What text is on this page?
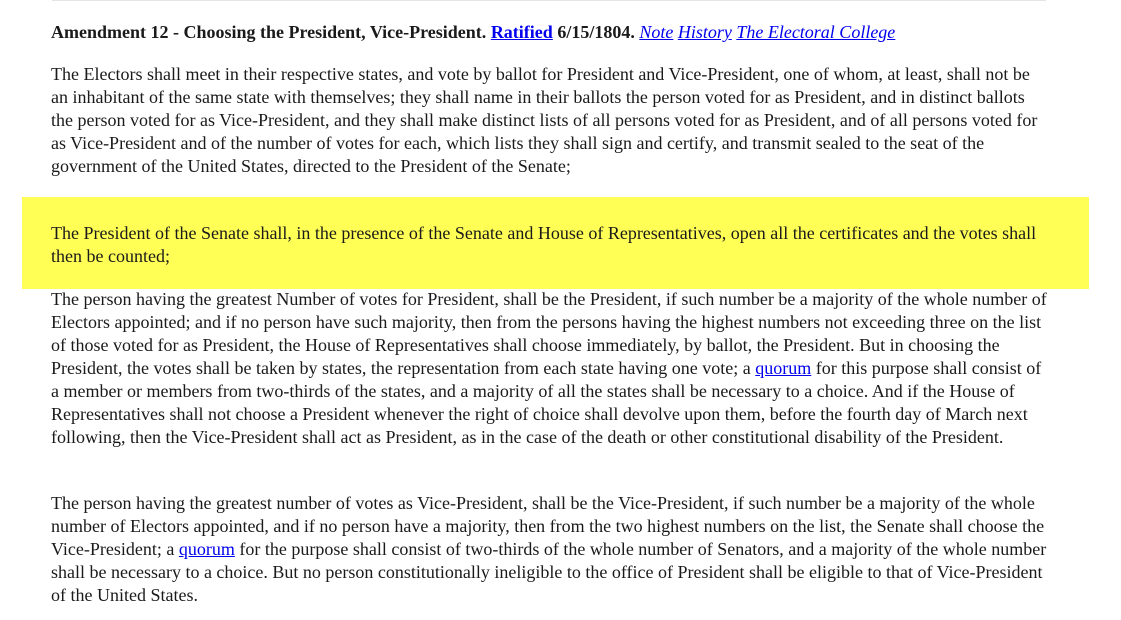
Amendment 12 - Choosing the President, Vice-President. Ratified 6/15/1804. Note History The Electoral College

The Electors shall meet in their respective states, and vote by ballot for President and Vice-President, one of whom, at least, shall not be an inhabitant of the same state with themselves; they shall name in their ballots the person voted for as President, and in distinct ballots the person voted for as Vice-President, and they shall make distinct lists of all persons voted for as President, and of all persons voted for as Vice-President and of the number of votes for each, which lists they shall sign and certify, and transmit sealed to the seat of the government of the United States, directed to the President of the Senate;

The President of the Senate shall, in the presence of the Senate and House of Representatives, open all the certificates and the votes shall then be counted;

The person having the greatest Number of votes for President, shall be the President, if such number be a majority of the whole number of Electors appointed; and if no person have such majority, then from the persons having the highest numbers not exceeding three on the list of those voted for as President, the House of Representatives shall choose immediately, by ballot, the President. But in choosing the President, the votes shall be taken by states, the representation from each state having one vote; a quorum for this purpose shall consist of a member or members from two-thirds of the states, and a majority of all the states shall be necessary to a choice. And if the House of Representatives shall not choose a President whenever the right of choice shall devolve upon them, before the fourth day of March next following, then the Vice-President shall act as President, as in the case of the death or other constitutional disability of the President.

The person having the greatest number of votes as Vice-President, shall be the Vice-President, if such number be a majority of the whole number of Electors appointed, and if no person have a majority, then from the two highest numbers on the list, the Senate shall choose the Vice-President; a quorum for the purpose shall consist of two-thirds of the whole number of Senators, and a majority of the whole number shall be necessary to a choice. But no person constitutionally ineligible to the office of President shall be eligible to that of Vice-President of the United States.
